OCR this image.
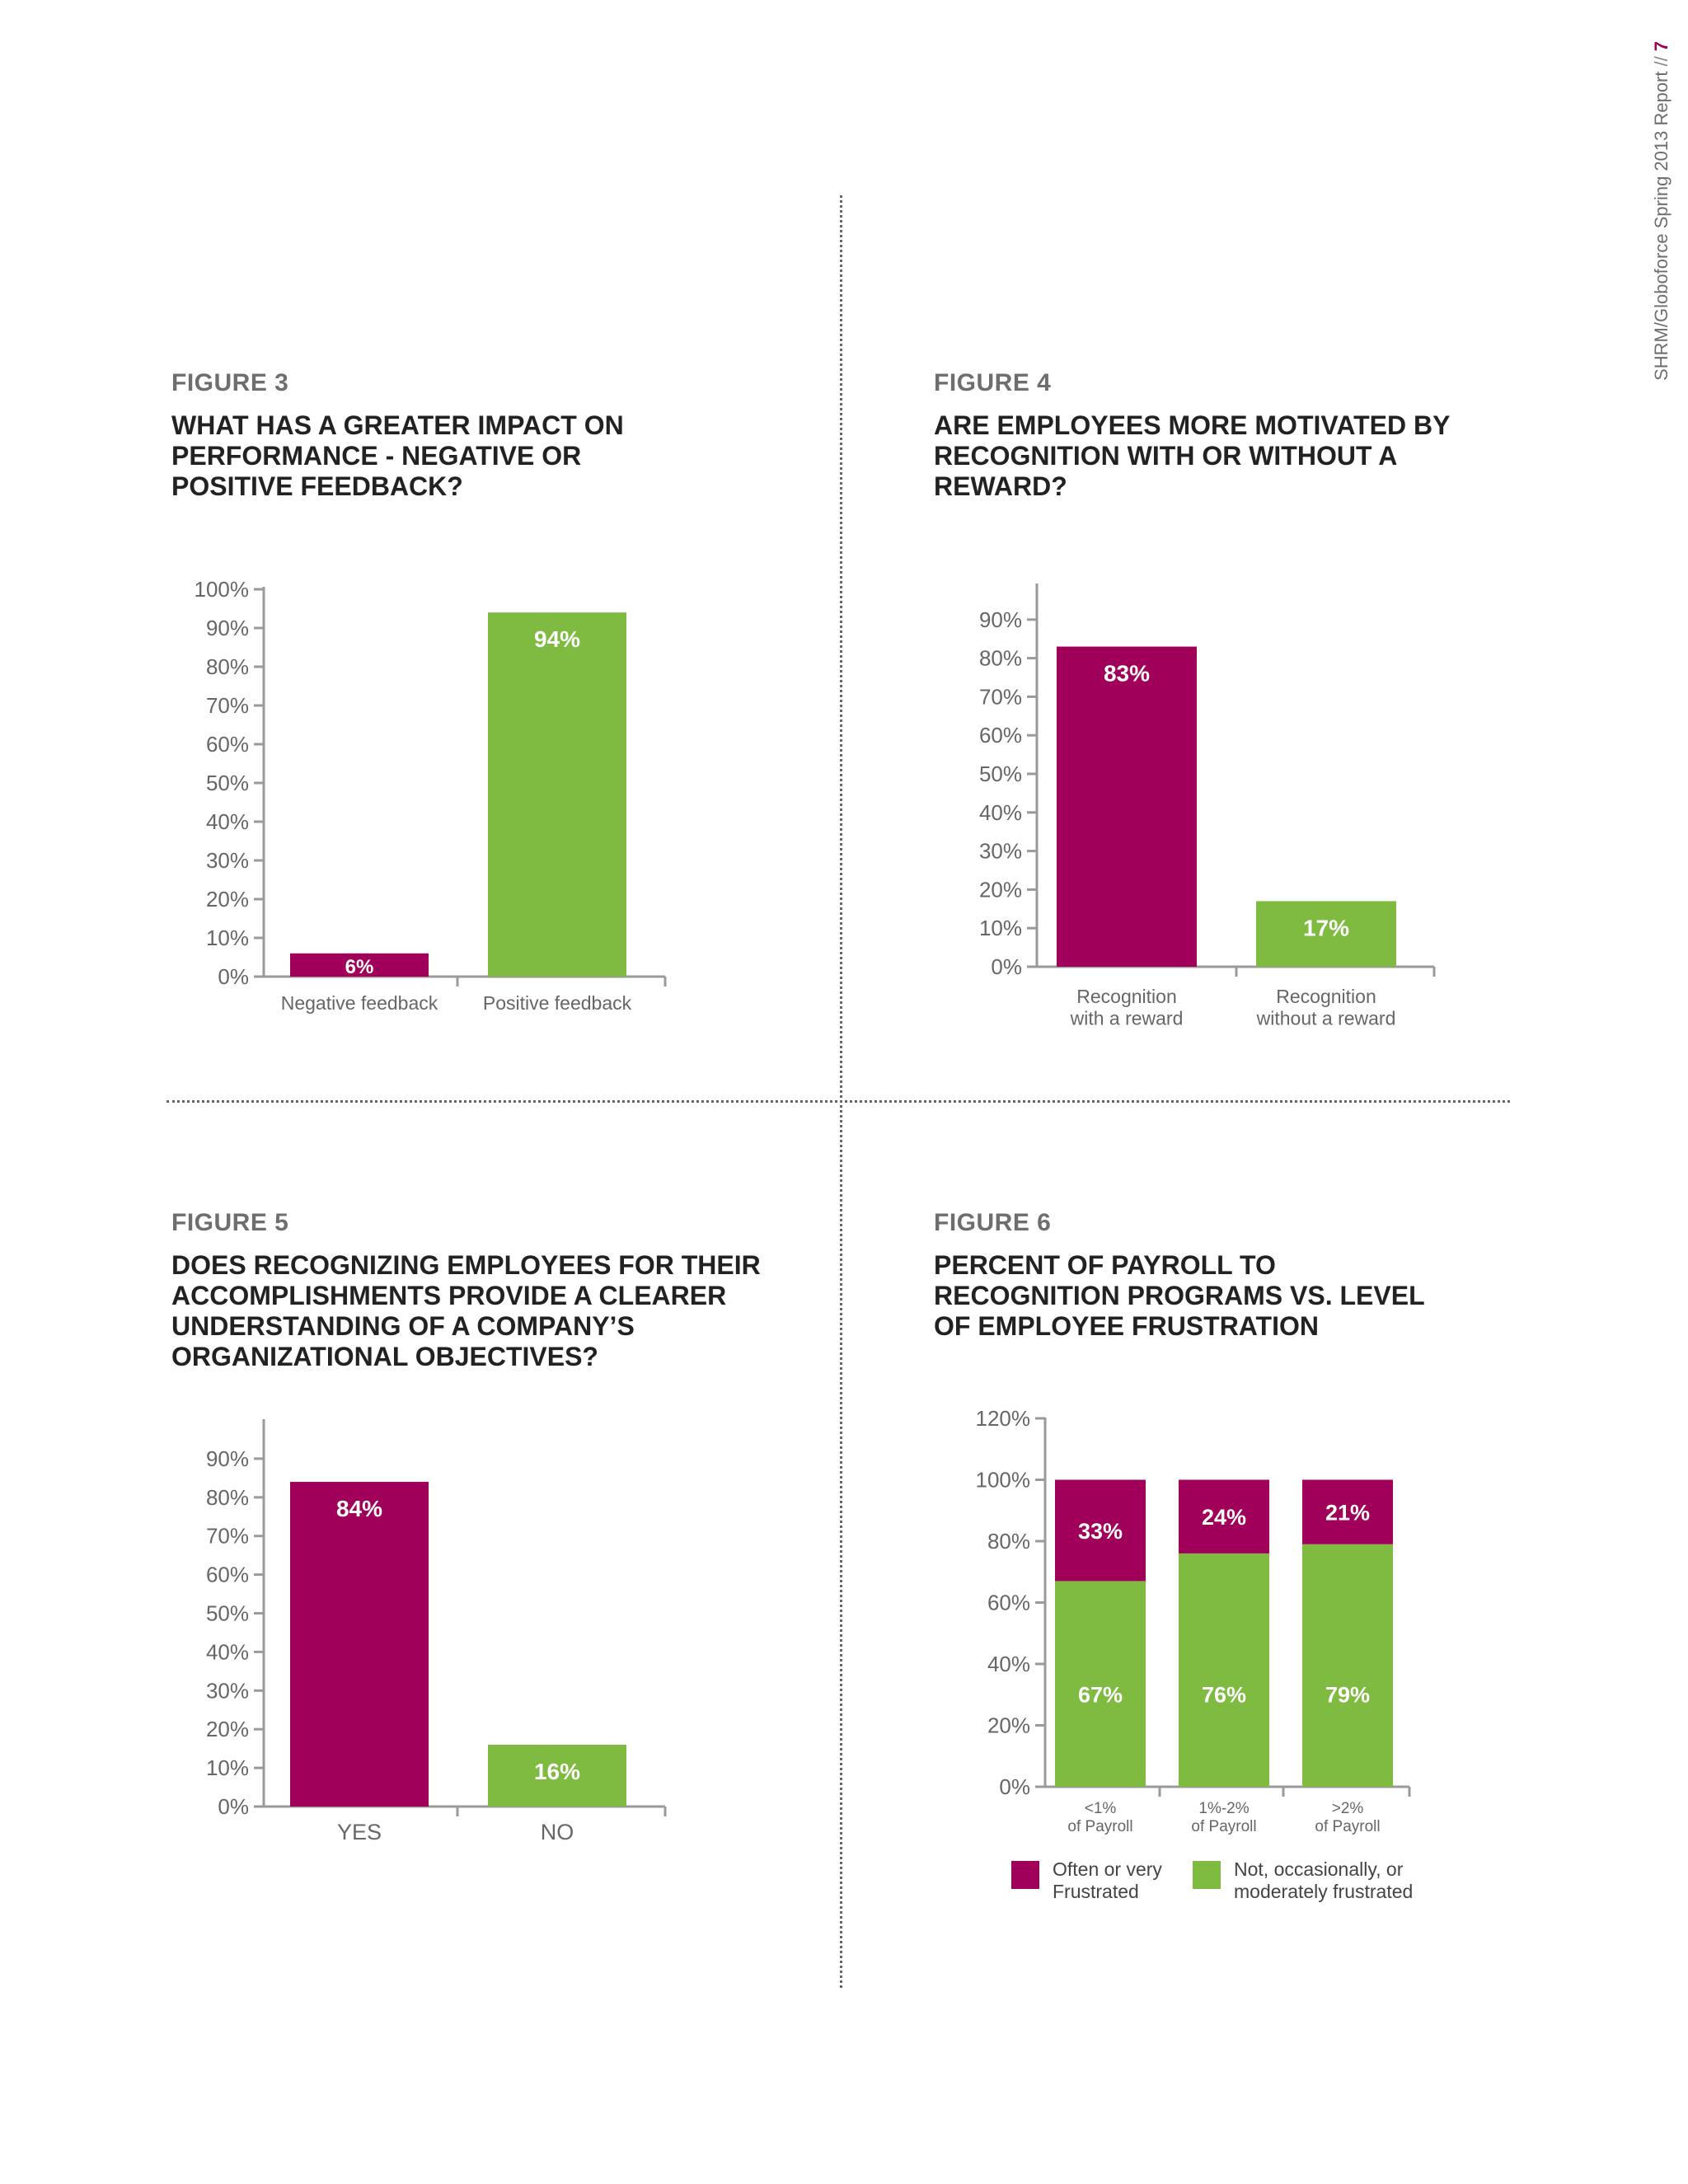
SHRM/Globoforce Spring 2013 Report//7

FIGURE 3

WHAT HAS A GREATER IMPACT ON PERFORMANCE - NEGATIVE OR POSITIVE FEEDBACK?

FIGURE 4

ARE EMPLOYEES MORE MOTIVATED BY RECOGNITION WITH OR WITHOUT A REWARD?

FIGURE 5

DOES RECOGNIZING EMPLOYEES FOR THEIR ACCOMPLISHMENTS PROVIDE A CLEARER UNDERSTANDING OF A COMPANY’S ORGANIZATIONAL OBJECTIVES?

FIGURE 6

PERCENT OF PAYROLL TO RECOGNITION PROGRAMS VS. LEVEL OF EMPLOYEE FRUSTRATION

0%
10%
20%
30%
40%
50%
60%
70%
80%
90%
100%
Negative feedback Positive feedback
6%
94%
0%
10%
20%
30%
40%
50%
60%
70%
80%
90%
Recognition with a reward
Recognition without a reward
83%
17%
0%
10%
20%
30%
40%
50%
60%
70%
80%
90%
YES	NO
84%
16%
0%
20%
40%
60%
80%
100%
120%
<1% of Payroll
1%-2% of Payroll
>2% of Payroll
67%
33%
76%
24%
79%
21%
Often or very Frustrated
Not, occasionally, or moderately frustrated
